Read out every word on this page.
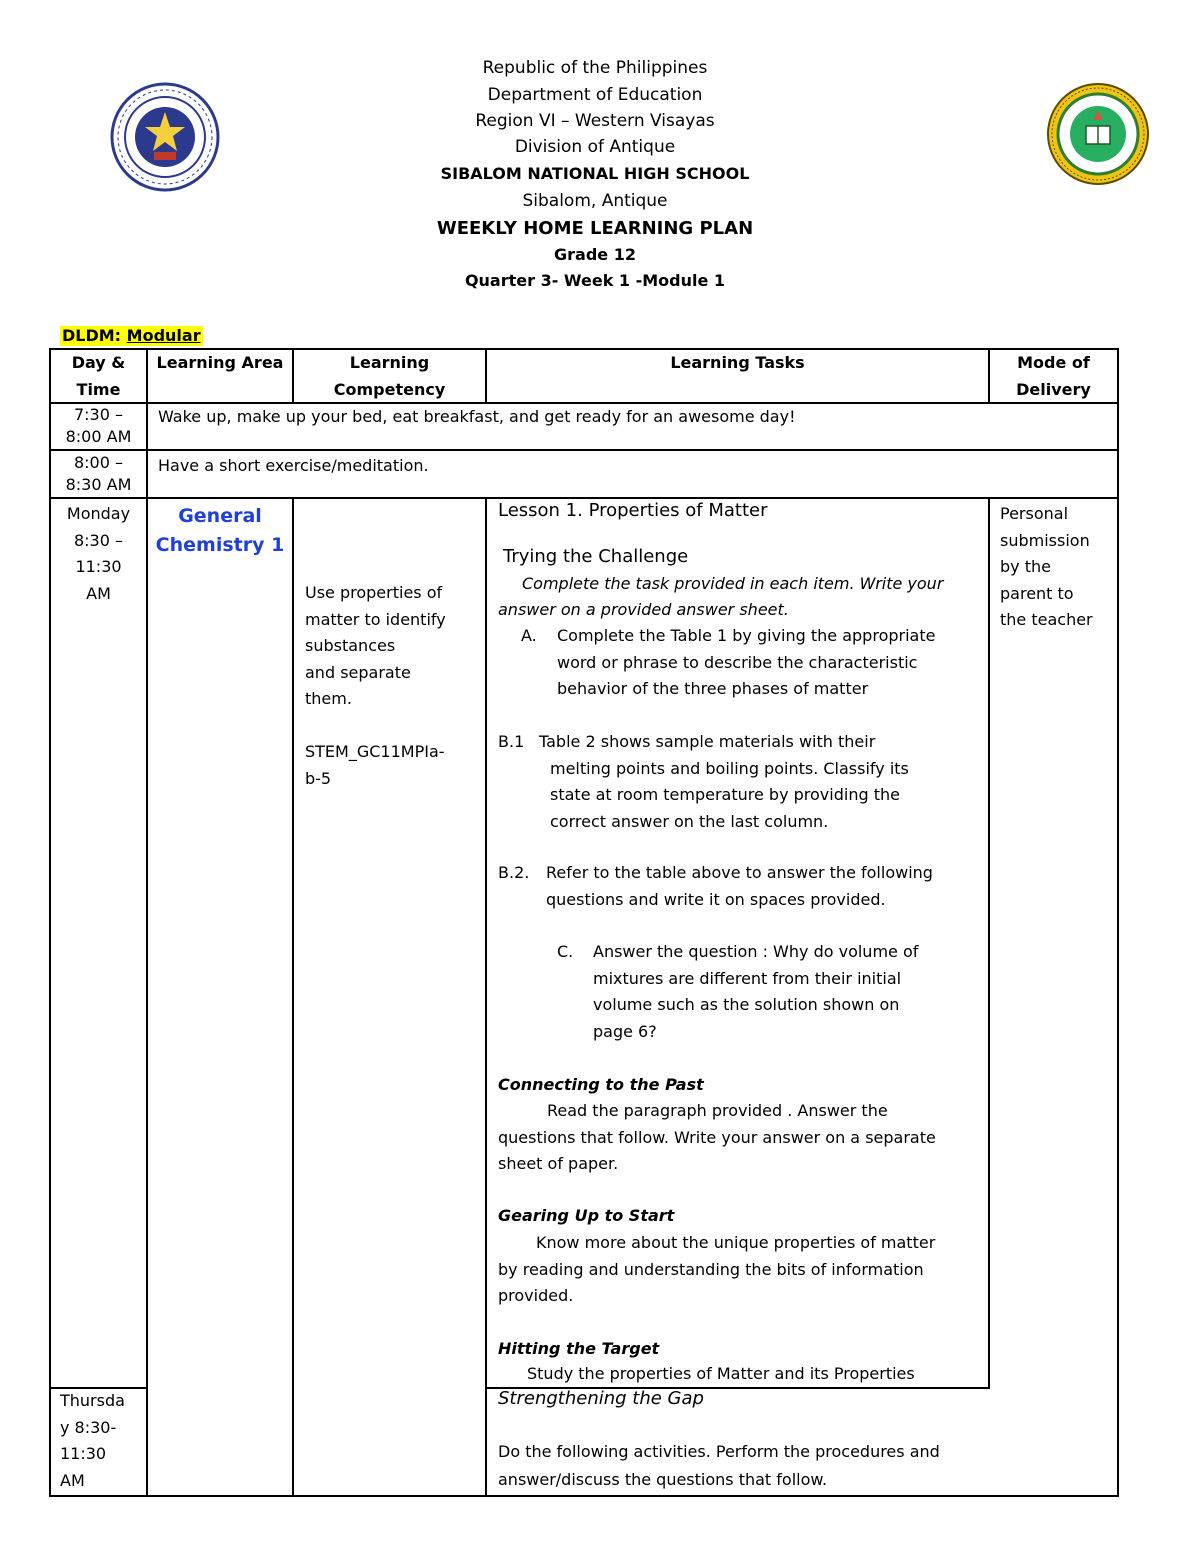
Republic of the Philippines
Department of Education
Region VI – Western Visayas
Division of Antique
SIBALOM NATIONAL HIGH SCHOOL
Sibalom, Antique
WEEKLY HOME LEARNING PLAN
Grade 12
Quarter 3- Week 1 -Module 1
DLDM: Modular
Day &
Time
Learning Area	Learning
Competency
Learning Tasks	Mode of
Delivery
7:30 –
8:00 AM
Wake up, make up your bed, eat breakfast, and get ready for an awesome day!
8:00 –
8:30 AM
Have a short exercise/meditation.
Monday
8:30 –
11:30
AM
General
Chemistry 1
Use properties of
matter to identify
substances
and separate
them.
STEM_GC11MPIa-
b-5
Personal
submission
by the
parent to
the teacher
Lesson 1. Properties of Matter
Trying the Challenge
Complete the task provided in each item. Write your
answer on a provided answer sheet.
A. Complete the Table 1 by giving the appropriate
word or phrase to describe the characteristic
behavior of the three phases of matter
B.1 Table 2 shows sample materials with their
melting points and boiling points. Classify its
state at room temperature by providing the
correct answer on the last column.
B.2. Refer to the table above to answer the following
questions and write it on spaces provided.
C. Answer the question : Why do volume of
mixtures are different from their initial
volume such as the solution shown on
page 6?
Connecting to the Past
Read the paragraph provided . Answer the
questions that follow. Write your answer on a separate
sheet of paper.
Gearing Up to Start
Know more about the unique properties of matter
by reading and understanding the bits of information
provided.
Hitting the Target
Study the properties of Matter and its Properties
Thursda
y 8:30-
11:30
AM
Strengthening the Gap
Do the following activities. Perform the procedures and
answer/discuss the questions that follow.
